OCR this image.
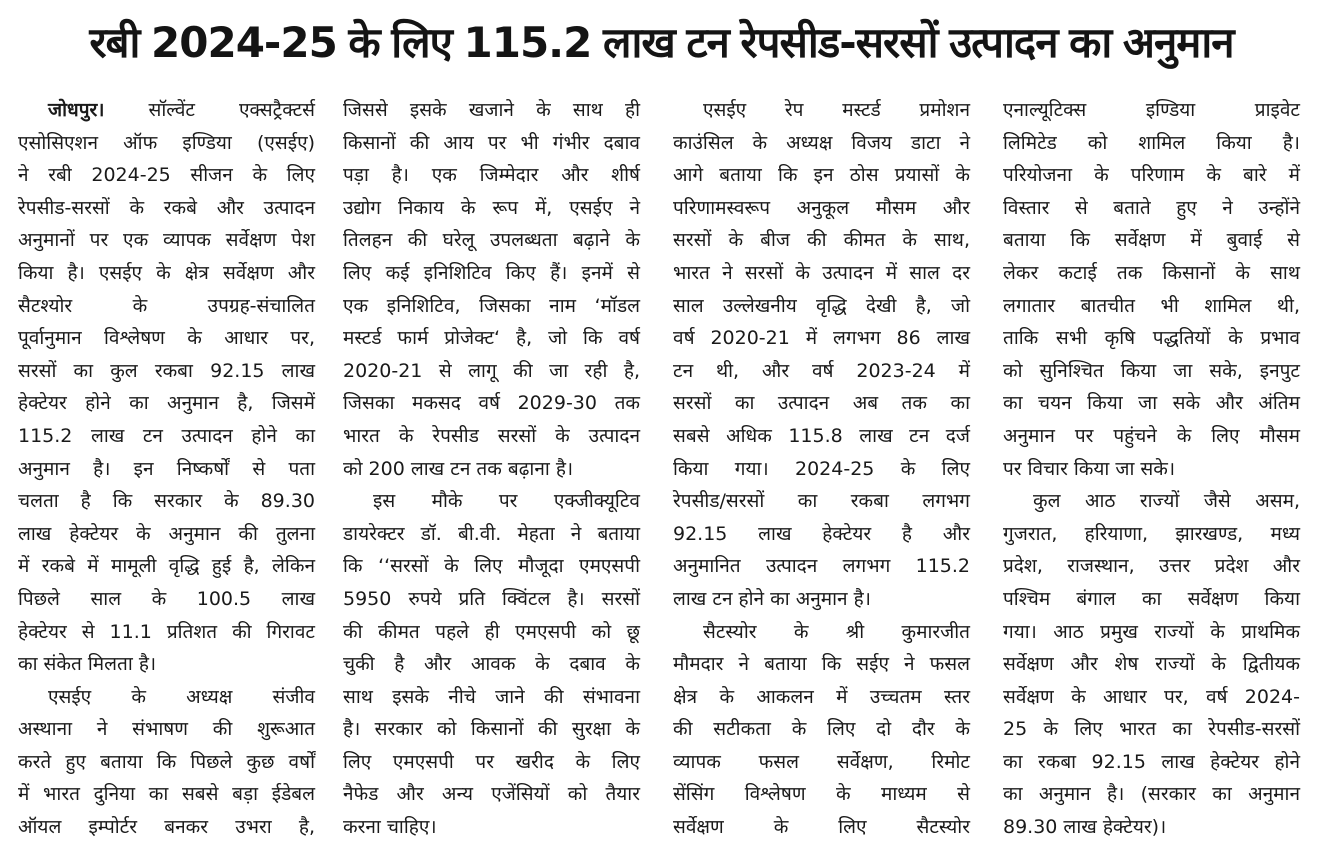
रबी 2024-25 के लिए 115.2 लाख टन रेपसीड-सरसों उत्पादन का अनुमान
जोधपुर। सॉल्वेंट एक्सट्रैक्टर्स
एसोसिएशन ऑफ इण्डिया (एसईए)
ने रबी 2024-25 सीजन के लिए
रेपसीड-सरसों के रकबे और उत्पादन
अनुमानों पर एक व्यापक सर्वेक्षण पेश
किया है। एसईए के क्षेत्र सर्वेक्षण और
सैटश्योर के उपग्रह-संचालित
पूर्वानुमान विश्लेषण के आधार पर,
सरसों का कुल रकबा 92.15 लाख
हेक्टेयर होने का अनुमान है, जिसमें
115.2 लाख टन उत्पादन होने का
अनुमान है। इन निष्कर्षों से पता
चलता है कि सरकार के 89.30
लाख हेक्टेयर के अनुमान की तुलना
में रकबे में मामूली वृद्धि हुई है, लेकिन
पिछले साल के 100.5 लाख
हेक्टेयर से 11.1 प्रतिशत की गिरावट
का संकेत मिलता है।
एसईए के अध्यक्ष संजीव
अस्थाना ने संभाषण की शुरूआत
करते हुए बताया कि पिछले कुछ वर्षों
में भारत दुनिया का सबसे बड़ा ईडेबल
ऑयल इम्पोर्टर बनकर उभरा है,
जिससे इसके खजाने के साथ ही
किसानों की आय पर भी गंभीर दबाव
पड़ा है। एक जिम्मेदार और शीर्ष
उद्योग निकाय के रूप में, एसईए ने
तिलहन की घरेलू उपलब्धता बढ़ाने के
लिए कई इनिशिटिव किए हैं। इनमें से
एक इनिशिटिव, जिसका नाम ‘मॉडल
मस्टर्ड फार्म प्रोजेक्ट‘ है, जो कि वर्ष
2020-21 से लागू की जा रही है,
जिसका मकसद वर्ष 2029-30 तक
भारत के रेपसीड सरसों के उत्पादन
को 200 लाख टन तक बढ़ाना है।
इस मौके पर एक्जीक्यूटिव
डायरेक्टर डॉ. बी.वी. मेहता ने बताया
कि ‘‘सरसों के लिए मौजूदा एमएसपी
5950 रुपये प्रति क्विंटल है। सरसों
की कीमत पहले ही एमएसपी को छू
चुकी है और आवक के दबाव के
साथ इसके नीचे जाने की संभावना
है। सरकार को किसानों की सुरक्षा के
लिए एमएसपी पर खरीद के लिए
नैफेड और अन्य एजेंसियों को तैयार
करना चाहिए।
एसईए रेप मस्टर्ड प्रमोशन
काउंसिल के अध्यक्ष विजय डाटा ने
आगे बताया कि इन ठोस प्रयासों के
परिणामस्वरूप अनुकूल मौसम और
सरसों के बीज की कीमत के साथ,
भारत ने सरसों के उत्पादन में साल दर
साल उल्लेखनीय वृद्धि देखी है, जो
वर्ष 2020-21 में लगभग 86 लाख
टन थी, और वर्ष 2023-24 में
सरसों का उत्पादन अब तक का
सबसे अधिक 115.8 लाख टन दर्ज
किया गया। 2024-25 के लिए
रेपसीड/सरसों का रकबा लगभग
92.15 लाख हेक्टेयर है और
अनुमानित उत्पादन लगभग 115.2
लाख टन होने का अनुमान है।
सैटस्योर के श्री कुमारजीत
मौमदार ने बताया कि सईए ने फसल
क्षेत्र के आकलन में उच्चतम स्तर
की सटीकता के लिए दो दौर के
व्यापक फसल सर्वेक्षण, रिमोट
सेंसिंग विश्लेषण के माध्यम से
सर्वेक्षण के लिए सैटस्योर
एनाल्यूटिक्स इण्डिया प्राइवेट
लिमिटेड को शामिल किया है।
परियोजना के परिणाम के बारे में
विस्तार से बताते हुए ने उन्होंने
बताया कि सर्वेक्षण में बुवाई से
लेकर कटाई तक किसानों के साथ
लगातार बातचीत भी शामिल थी,
ताकि सभी कृषि पद्धतियों के प्रभाव
को सुनिश्चित किया जा सके, इनपुट
का चयन किया जा सके और अंतिम
अनुमान पर पहुंचने के लिए मौसम
पर विचार किया जा सके।
कुल आठ राज्यों जैसे असम,
गुजरात, हरियाणा, झारखण्ड, मध्य
प्रदेश, राजस्थान, उत्तर प्रदेश और
पश्चिम बंगाल का सर्वेक्षण किया
गया। आठ प्रमुख राज्यों के प्राथमिक
सर्वेक्षण और शेष राज्यों के द्वितीयक
सर्वेक्षण के आधार पर, वर्ष 2024-
25 के लिए भारत का रेपसीड-सरसों
का रकबा 92.15 लाख हेक्टेयर होने
का अनुमान है। (सरकार का अनुमान
89.30 लाख हेक्टेयर)।
